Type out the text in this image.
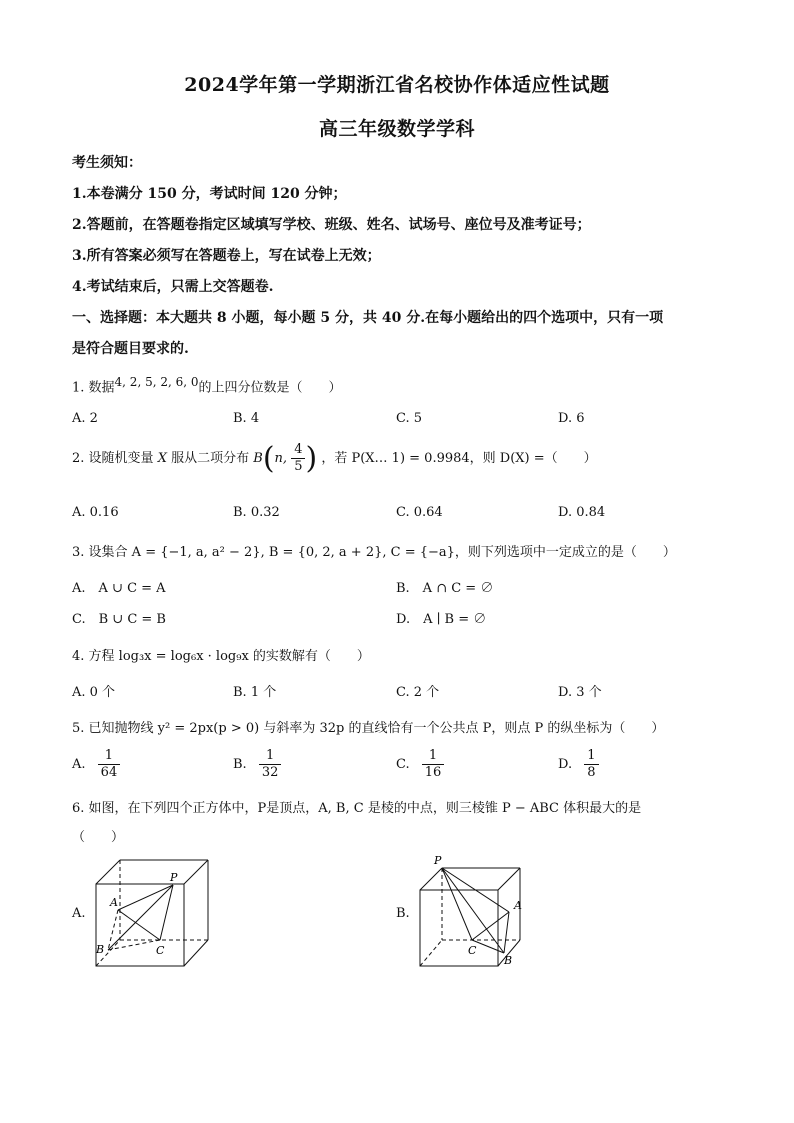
2024学年第一学期浙江省名校协作体适应性试题
高三年级数学学科
考生须知：
1.本卷满分 150 分，考试时间 120 分钟；
2.答题前，在答题卷指定区域填写学校、班级、姓名、试场号、座位号及准考证号；
3.所有答案必须写在答题卷上，写在试卷上无效；
4.考试结束后，只需上交答题卷.
一、选择题：本大题共 8 小题，每小题 5 分，共 40 分.在每小题给出的四个选项中，只有一项
是符合题目要求的.
1. 数据$^{4, 2, 5, 2, 6, 0}$的上四分位数是（　　）
A. 2	B. 4	C. 5	D. 6
2. 设随机变量 X 服从二项分布 B(n, $\frac{4}{5}$ ) ，若 P(X… 1) = 0.9984，则 D(X) =（　　）
A. 0.16	B. 0.32	C. 0.64	D. 0.84
3. 设集合 A = {−1, a, a² − 2}, B = {0, 2, a + 2}, C = {−a}，则下列选项中一定成立的是（　　）
A.　A ∪ C = A	B.　A ∩ C = ∅
C.　B ∪ C = B	D.　A ∣ B = ∅
4. 方程 log₃x = log₆x · log₉x 的实数解有（　　）
A. 0 个	B. 1 个	C. 2 个	D. 3 个
5. 已知抛物线 y² = 2px(p > 0) 与斜率为 32p 的直线恰有一个公共点 P，则点 P 的纵坐标为（　　）
A. $\frac{1}{64}$	B. $\frac{1}{32}$	C. $\frac{1}{16}$	D. $\frac{1}{8}$
6. 如图，在下列四个正方体中，P是顶点，A, B, C 是棱的中点，则三棱锥 P − ABC 体积最大的是
（　　）
A.
P
A
B	C
B.
P
A
B
C
